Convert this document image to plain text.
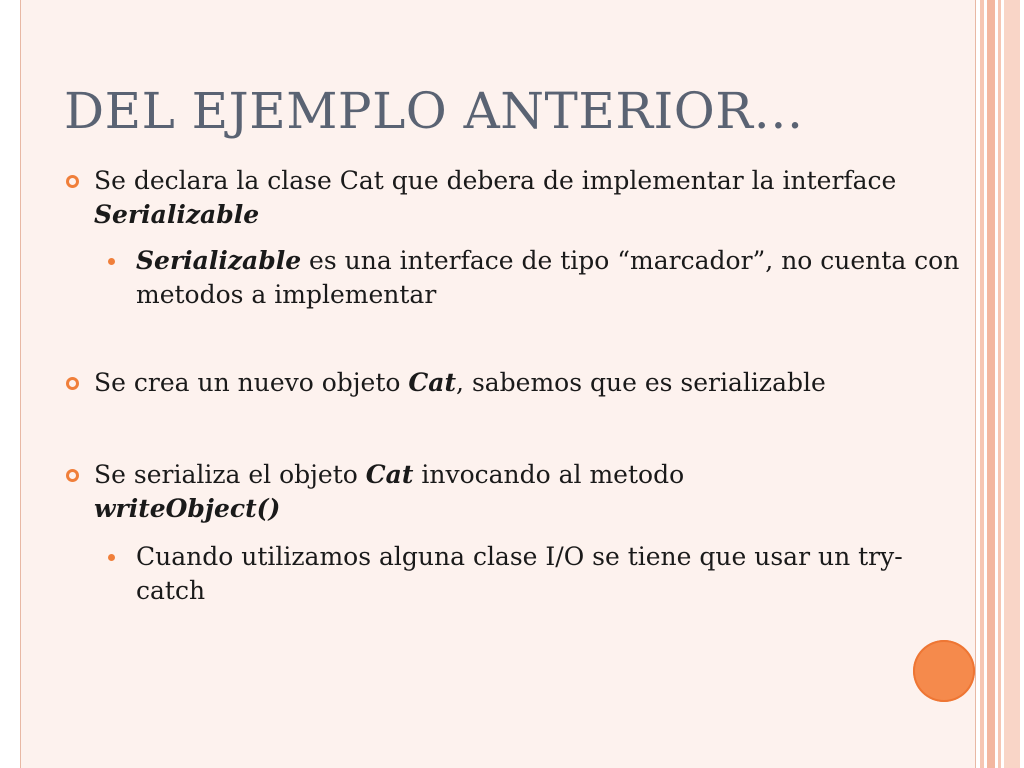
DEL EJEMPLO ANTERIOR…
Se declara la clase Cat que debera de implementar la interface Serializable
Serializable es una interface de tipo “marcador”, no cuenta con metodos a implementar
Se crea un nuevo objeto Cat, sabemos que es serializable
Se serializa el objeto Cat invocando al metodo
writeObject()
Cuando utilizamos alguna clase I/O se tiene que usar un try-catch
